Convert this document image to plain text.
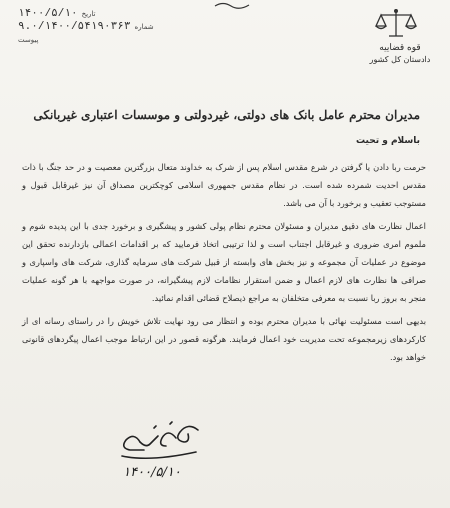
قوه قضاییه
دادستان کل کشور
تاریخ
۱۴۰۰/۵/۱۰
شماره
۹.۰/۱۴۰۰/۵۴۱۹۰۳۶۳
پیوست
مدیران محترم عامل بانک های دولتی، غیردولتی و موسسات اعتباری غیربانکی
باسلام و تحیت

حرمت ربا دادن یا گرفتن در شرع مقدس اسلام پس از شرک به خداوند متعال بزرگترین معصیت و در حد جنگ با ذات مقدس احدیت شمرده شده است. در نظام مقدس جمهوری اسلامی کوچکترین مصداق آن نیز غیرقابل قبول و مستوجب تعقیب و برخورد با آن می باشد.

اعمال نظارت های دقیق مدیران و مسئولان محترم نظام پولی کشور و پیشگیری و برخورد جدی با این پدیده شوم و ملموم امری ضروری و غیرقابل اجتناب است و لذا ترتیبی اتخاذ فرمایید که بر اقدامات اعمالی بازدارنده تحقق این موضوع در عملیات آن مجموعه و نیز بخش های وابسته از قبیل شرکت های سرمایه گذاری، شرکت های واسپاری و صرافی ها نظارت های لازم اعمال و ضمن استقرار نظامات لازم پیشگیرانه، در صورت مواجهه با هر گونه عملیات منجر به بروز ربا نسبت به معرفی متخلفان به مراجع ذیصلاح قضائی اقدام نمائید.

بدیهی است مسئولیت نهائی با مدیران محترم بوده و انتظار می رود نهایت تلاش خویش را در راستای رسانه ای از کارکردهای زیرمجموعه تحت مدیریت خود اعمال فرمایند. هرگونه قصور در این ارتباط موجب اعمال پیگردهای قانونی خواهد بود.

۱۴۰۰/۵/۱۰
